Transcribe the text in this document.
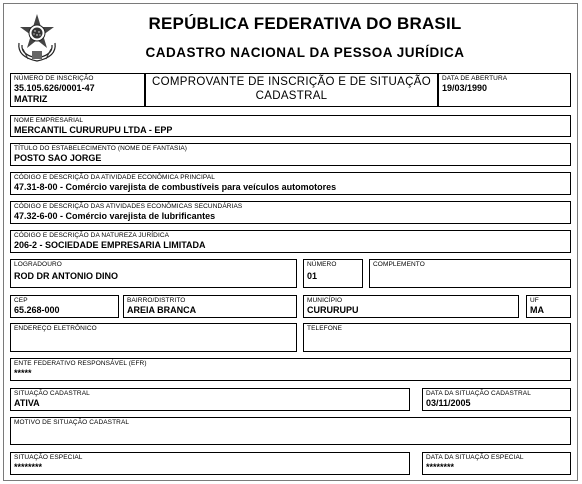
REPÚBLICA FEDERATIVA DO BRASIL
CADASTRO NACIONAL DA PESSOA JURÍDICA
NÚMERO DE INSCRIÇÃO
35.105.626/0001-47
MATRIZ
COMPROVANTE DE INSCRIÇÃO E DE SITUAÇÃO
CADASTRAL
DATA DE ABERTURA
19/03/1990
NOME EMPRESARIAL
MERCANTIL CURURUPU LTDA - EPP
TÍTULO DO ESTABELECIMENTO (NOME DE FANTASIA)
POSTO SAO JORGE
CÓDIGO E DESCRIÇÃO DA ATIVIDADE ECONÔMICA PRINCIPAL
47.31-8-00 - Comércio varejista de combustíveis para veículos automotores
CÓDIGO E DESCRIÇÃO DAS ATIVIDADES ECONÔMICAS SECUNDÁRIAS
47.32-6-00 - Comércio varejista de lubrificantes
CÓDIGO E DESCRIÇÃO DA NATUREZA JURÍDICA
206-2 - SOCIEDADE EMPRESARIA LIMITADA
LOGRADOURO
ROD DR ANTONIO DINO
NÚMERO
01
COMPLEMENTO
CEP
65.268-000
BAIRRO/DISTRITO
AREIA BRANCA
MUNICÍPIO
CURURUPU
UF
MA
ENDEREÇO ELETRÔNICO	TELEFONE
ENTE FEDERATIVO RESPONSÁVEL (EFR)
*****
SITUAÇÃO CADASTRAL
ATIVA
DATA DA SITUAÇÃO CADASTRAL
03/11/2005
MOTIVO DE SITUAÇÃO CADASTRAL
SITUAÇÃO ESPECIAL
********
DATA DA SITUAÇÃO ESPECIAL
********
